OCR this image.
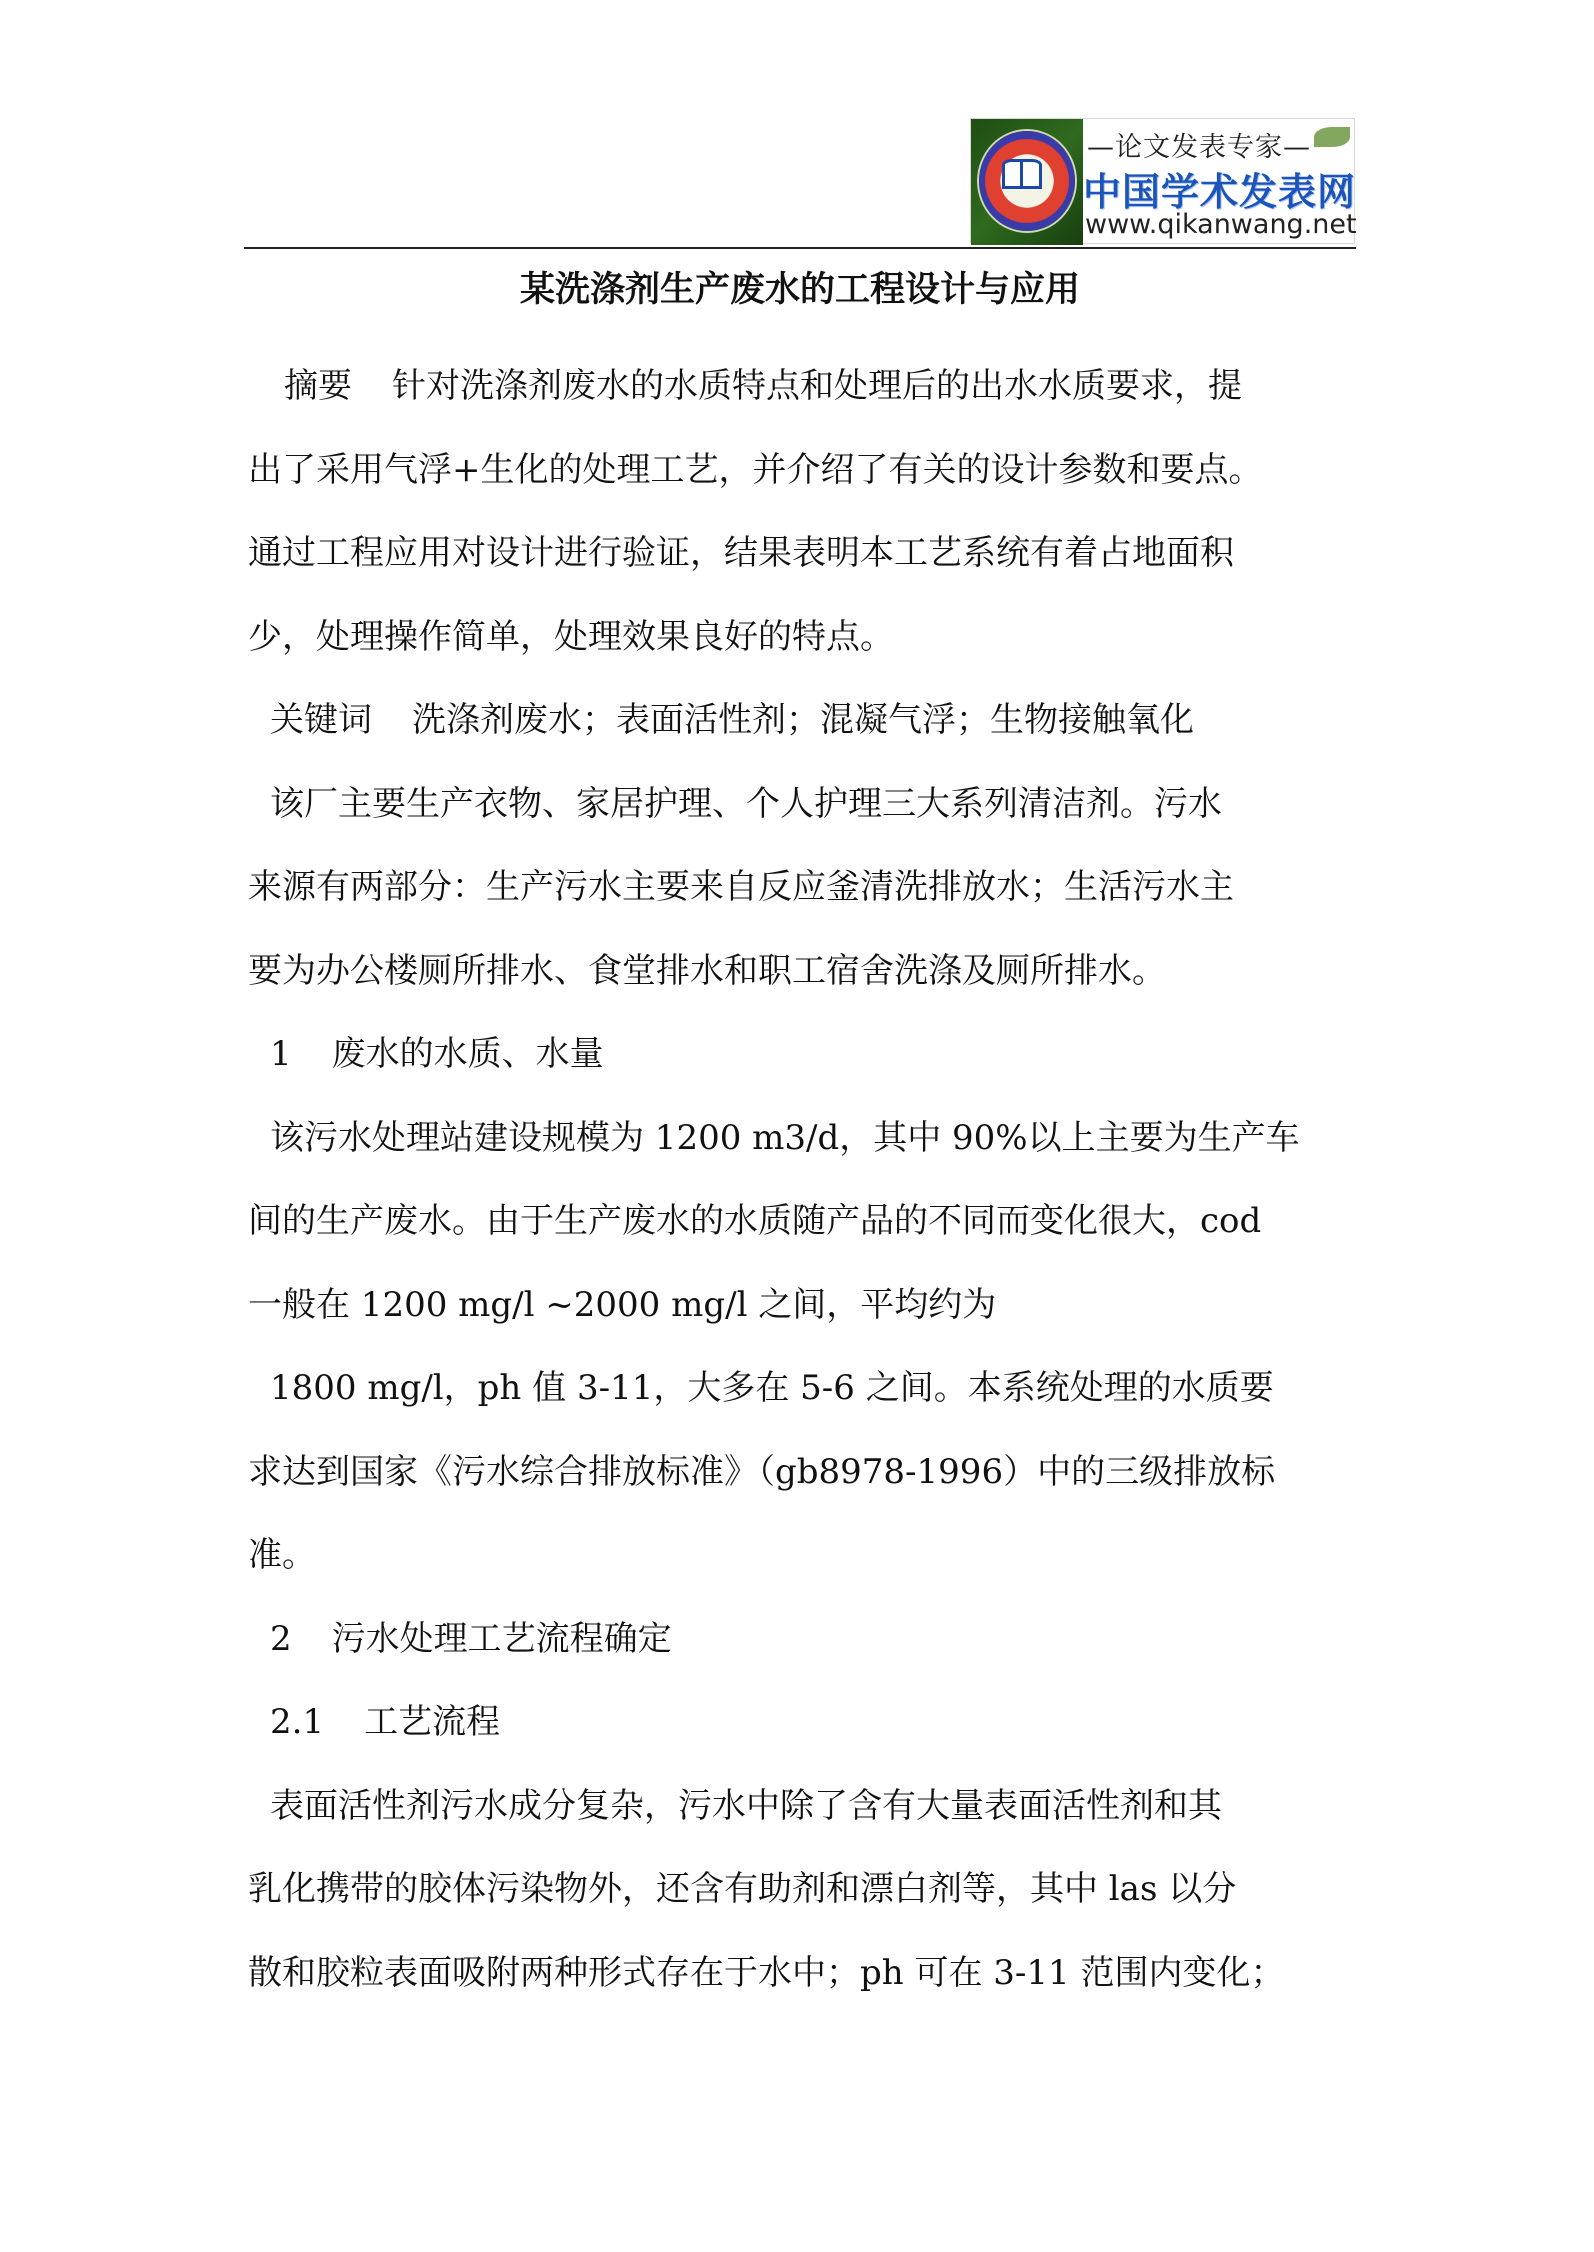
—论文发表专家—
中国学术发表网
www.qikanwang.net
某洗涤剂生产废水的工程设计与应用

摘要 针对洗涤剂废水的水质特点和处理后的出水水质要求，提

出了采用气浮+生化的处理工艺，并介绍了有关的设计参数和要点。

通过工程应用对设计进行验证，结果表明本工艺系统有着占地面积

少，处理操作简单，处理效果良好的特点。

关键词 洗涤剂废水；表面活性剂；混凝气浮；生物接触氧化

该厂主要生产衣物、家居护理、个人护理三大系列清洁剂。污水

来源有两部分：生产污水主要来自反应釜清洗排放水；生活污水主

要为办公楼厕所排水、食堂排水和职工宿舍洗涤及厕所排水。

1 废水的水质、水量

该污水处理站建设规模为 1200 m3/d，其中 90%以上主要为生产车

间的生产废水。由于生产废水的水质随产品的不同而变化很大，cod

一般在 1200 mg/l ~2000 mg/l 之间，平均约为

1800 mg/l，ph 值 3-11，大多在 5-6 之间。本系统处理的水质要

求达到国家《污水综合排放标准》（gb8978-1996）中的三级排放标

准。

2 污水处理工艺流程确定

2.1 工艺流程

表面活性剂污水成分复杂，污水中除了含有大量表面活性剂和其

乳化携带的胶体污染物外，还含有助剂和漂白剂等，其中 las 以分

散和胶粒表面吸附两种形式存在于水中；ph 可在 3-11 范围内变化；
